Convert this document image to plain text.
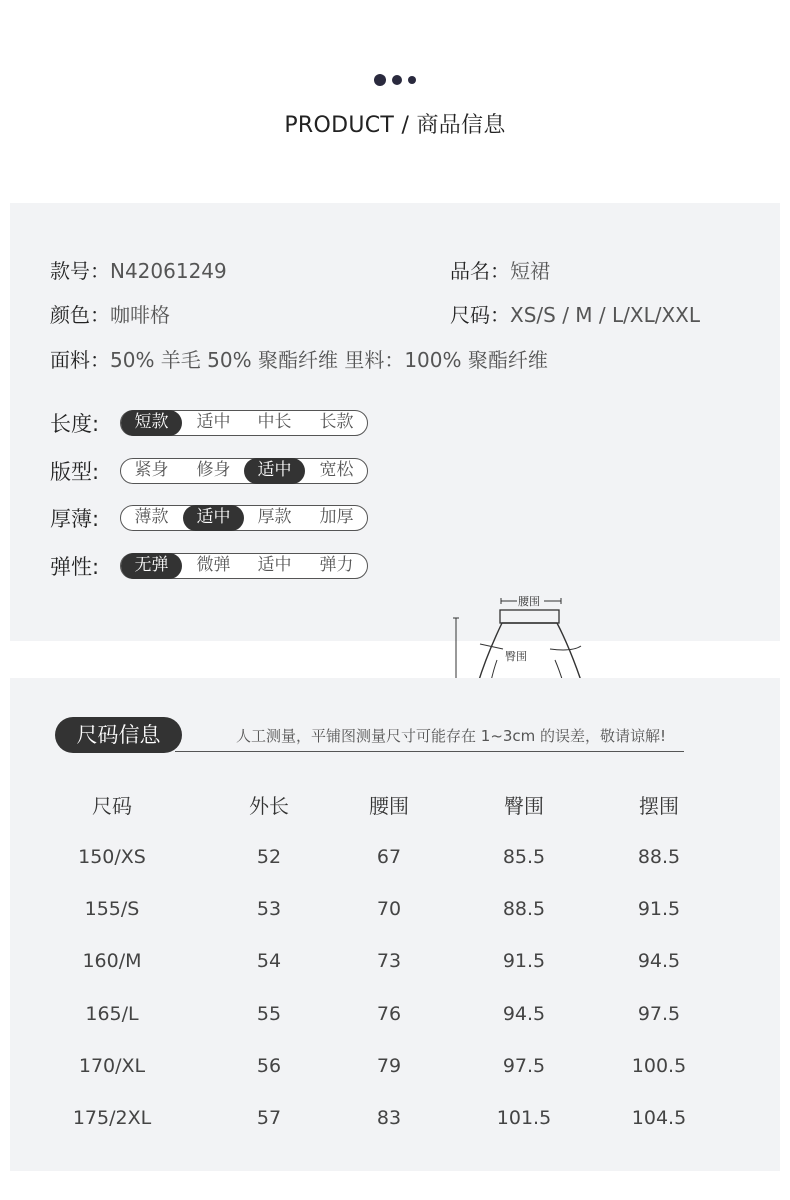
PRODUCT / 商品信息
款号：N42061249	品名：短裙
颜色：咖啡格	尺码：XS/S / M / L/XL/XXL
面料：50% 羊毛 50% 聚酯纤维 里料：100% 聚酯纤维
长度:	短款	适中	中长	长款
版型:	紧身	修身	适中	宽松
厚薄:	薄款	适中	厚款	加厚
弹性:	无弹	微弹	适中	弹力
腰围
臀围
尺码信息	人工测量，平铺图测量尺寸可能存在 1~3cm 的误差，敬请谅解!
尺码	外长	腰围	臀围	摆围
150/XS	52	67	85.5	88.5
155/S	53	70	88.5	91.5
160/M	54	73	91.5	94.5
165/L	55	76	94.5	97.5
170/XL	56	79	97.5	100.5
175/2XL	57	83	101.5	104.5
